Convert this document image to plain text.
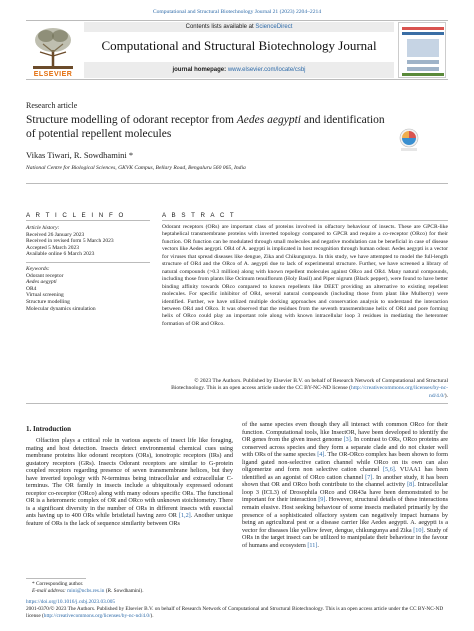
Computational and Structural Biotechnology Journal 21 (2023) 2204–2214
ELSEVIER
Contents lists available at ScienceDirect
Computational and Structural Biotechnology Journal
journal homepage: www.elsevier.com/locate/csbj
Research article
Structure modelling of odorant receptor from Aedes aegypti and identification of potential repellent molecules
Vikas Tiwari, R. Sowdhamini *
National Centre for Biological Sciences, GKVK Campus, Bellary Road, Bengaluru 560 065, India
A R T I C L E I N F O	A B S T R A C T
Article history:
Received 26 January 2023
Received in revised form 5 March 2023
Accepted 5 March 2023
Available online 6 March 2023
Keywords:
Odorant receptor
Aedes aegypti
OR4
Virtual screening
Structure modelling
Molecular dynamics simulation
Odorant receptors (ORs) are important class of proteins involved in olfactory behaviour of insects. These are GPCR-like heptahelical transmembrane proteins with inverted topology compared to GPCR and require a co-receptor (ORco) for their function. OR function can be modulated through small molecules and negative modulation can be beneficial in case of disease vectors like Aedes aegypti. OR4 of A. aegypti is implicated in host recognition through human odour. Aedes aegypti is a vector for viruses that spread diseases like dengue, Zika and Chikungunya. In this study, we have attempted to model the full-length structure of OR4 and the ORco of A. aegypti due to lack of experimental structure. Further, we have screened a library of natural compounds (>0.3 million) along with known repellent molecules against ORco and OR4. Many natural compounds, including those from plants like Ocimum tenuiflorum (Holy Basil) and Piper nigrum (Black pepper), were found to have better binding affinity towards ORco compared to known repellents like DEET providing an alternative to existing repellent molecules. For specific inhibitor of OR4, several natural compounds (including those from plant like Mulberry) were identified. Further, we have utilized multiple docking approaches and conservation analysis to understand the interaction between OR4 and ORco. It was observed that the residues from the seventh transmembrane helix of OR4 and pore forming helix of ORco could play an important role along with known intracellular loop 3 residues in mediating the heteromer formation of OR and ORco.
© 2023 The Authors. Published by Elsevier B.V. on behalf of Research Network of Computational and Structural Biotechnology. This is an open access article under the CC BY-NC-ND license (http://creativecommons.org/licenses/by-nc-nd/4.0/).
1. Introduction
Olfaction plays a critical role in various aspects of insect life like foraging, mating and host detection. Insects detect environmental chemical cues using membrane proteins like odorant receptors (ORs), ionotropic receptors (IRs) and gustatory receptors (GRs). Insects Odorant receptors are similar to G-protein coupled receptors regarding presence of seven transmembrane helices, but they have inverted topology with N-terminus being intracellular and extracellular C-terminus. The OR family in insects include a ubiquitously expressed odorant receptor co-receptor (ORco) along with many odours specific ORs. The functional OR is a heteromeric complex of OR and ORco with unknown stoichiometry. There is a significant diversity in the number of ORs in different insects with eusocial ants having up to 400 ORs while bristletail having zero OR [1,2]. Another unique feature of ORs is the lack of sequence similarity between ORs
of the same species even though they all interact with common ORco for their function. Computational tools, like InsectOR, have been developed to identify the OR genes from the given insect genome [3]. In contrast to ORs, ORco proteins are conserved across species and they form a separate clade and do not cluster well with ORs of the same species [4]. The OR-ORco complex has been shown to form ligand gated non-selective cation channel while ORco on its own can also oligomerize and form non selective cation channel [5,6]. VUAA1 has been identified as an agonist of ORco cation channel [7]. In another study, it has been shown that OR and ORco both contribute to the channel activity [8]. Intracellular loop 3 (ICL3) of Drosophila ORco and OR43a have been demonstrated to be important for their interaction [9]. However, structural details of these interactions remain elusive. Host seeking behaviour of some insects mediated primarily by the presence of a sophisticated olfactory system can negatively impact humans by being an agricultural pest or a disease carrier like Aedes aegypti. A. aegypti is a vector for diseases like yellow fever, dengue, chikungunya and Zika [10]. Study of ORs in the target insect can be utilized to manipulate their behaviour in the favour of humans and ecosystem [11].
* Corresponding author.
E-mail address: mini@ncbs.res.in (R. Sowdhamini).
https://doi.org/10.1016/j.csbj.2023.03.005
2001-0370/© 2023 The Authors. Published by Elsevier B.V. on behalf of Research Network of Computational and Structural Biotechnology. This is an open access article under the CC BY-NC-ND license (http://creativecommons.org/licenses/by-nc-nd/4.0/).
